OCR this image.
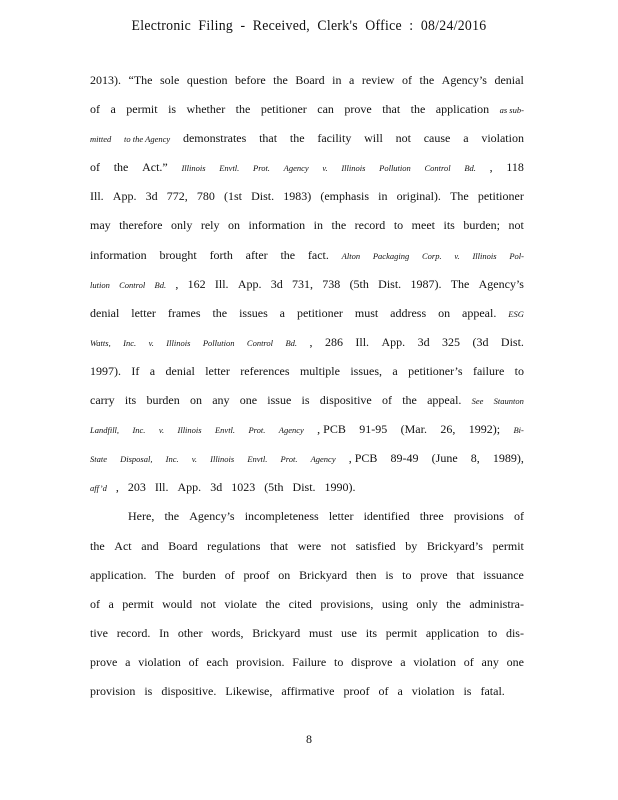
Electronic Filing - Received, Clerk's Office : 08/24/2016
2013). “The sole question before the Board in a review of the Agency’s denial
of a permit is whether the petitioner can prove that the application as sub-
mitted to the Agency demonstrates that the facility will not cause a violation
of the Act.” Illinois Envtl. Prot. Agency v. Illinois Pollution Control Bd. , 118
Ill. App. 3d 772, 780 (1st Dist. 1983) (emphasis in original). The petitioner
may therefore only rely on information in the record to meet its burden; not
information brought forth after the fact. Alton Packaging Corp. v. Illinois Pol-
lution Control Bd. , 162 Ill. App. 3d 731, 738 (5th Dist. 1987). The Agency’s
denial letter frames the issues a petitioner must address on appeal. ESG
Watts, Inc. v. Illinois Pollution Control Bd. , 286 Ill. App. 3d 325 (3d Dist.
1997). If a denial letter references multiple issues, a petitioner’s failure to
carry its burden on any one issue is dispositive of the appeal. See Staunton
Landfill, Inc. v. Illinois Envtl. Prot. Agency , PCB 91-95 (Mar. 26, 1992); Bi-
State Disposal, Inc. v. Illinois Envtl. Prot. Agency , PCB 89-49 (June 8, 1989),
aff’d , 203 Ill. App. 3d 1023 (5th Dist. 1990).
Here, the Agency’s incompleteness letter identified three provisions of
the Act and Board regulations that were not satisfied by Brickyard’s permit
application. The burden of proof on Brickyard then is to prove that issuance
of a permit would not violate the cited provisions, using only the administra-
tive record. In other words, Brickyard must use its permit application to dis-
prove a violation of each provision. Failure to disprove a violation of any one
provision is dispositive. Likewise, affirmative proof of a violation is fatal.
8
